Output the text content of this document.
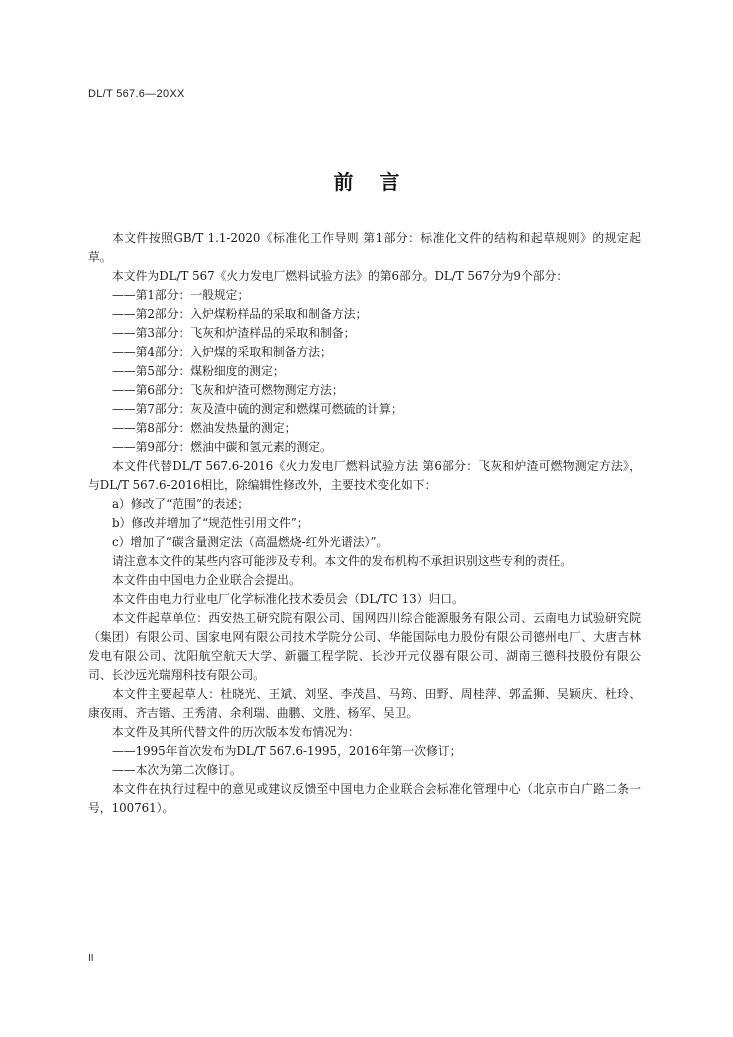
DL/T 567.6—20XX
前言

本文件按照GB/T 1.1-2020《标准化工作导则 第1部分：标准化文件的结构和起草规则》的规定起草。

本文件为DL/T 567《火力发电厂燃料试验方法》的第6部分。DL/T 567分为9个部分：

——第1部分：一般规定；

——第2部分：入炉煤粉样品的采取和制备方法；

——第3部分：飞灰和炉渣样品的采取和制备；

——第4部分：入炉煤的采取和制备方法；

——第5部分：煤粉细度的测定；

——第6部分：飞灰和炉渣可燃物测定方法；

——第7部分：灰及渣中硫的测定和燃煤可燃硫的计算；

——第8部分：燃油发热量的测定；

——第9部分：燃油中碳和氢元素的测定。

本文件代替DL/T 567.6-2016《火力发电厂燃料试验方法 第6部分：飞灰和炉渣可燃物测定方法》，与DL/T 567.6-2016相比，除编辑性修改外，主要技术变化如下：

a）修改了“范围”的表述；

b）修改并增加了“规范性引用文件”；

c）增加了“碳含量测定法（高温燃烧-红外光谱法）”。

请注意本文件的某些内容可能涉及专利。本文件的发布机构不承担识别这些专利的责任。

本文件由中国电力企业联合会提出。

本文件由电力行业电厂化学标准化技术委员会（DL/TC 13）归口。

本文件起草单位：西安热工研究院有限公司、国网四川综合能源服务有限公司、云南电力试验研究院（集团）有限公司、国家电网有限公司技术学院分公司、华能国际电力股份有限公司德州电厂、大唐吉林发电有限公司、沈阳航空航天大学、新疆工程学院、长沙开元仪器有限公司、湖南三德科技股份有限公司、长沙远光瑞翔科技有限公司。

本文件主要起草人：杜晓光、王斌、刘坚、李茂昌、马筠、田野、周桂萍、郭孟狮、吴颖庆、杜玲、康夜雨、齐吉锴、王秀清、余利瑞、曲鹏、文胜、杨军、吴卫。

本文件及其所代替文件的历次版本发布情况为：

——1995年首次发布为DL/T 567.6-1995，2016年第一次修订；

——本次为第二次修订。

本文件在执行过程中的意见或建议反馈至中国电力企业联合会标准化管理中心（北京市白广路二条一号，100761）。

II
